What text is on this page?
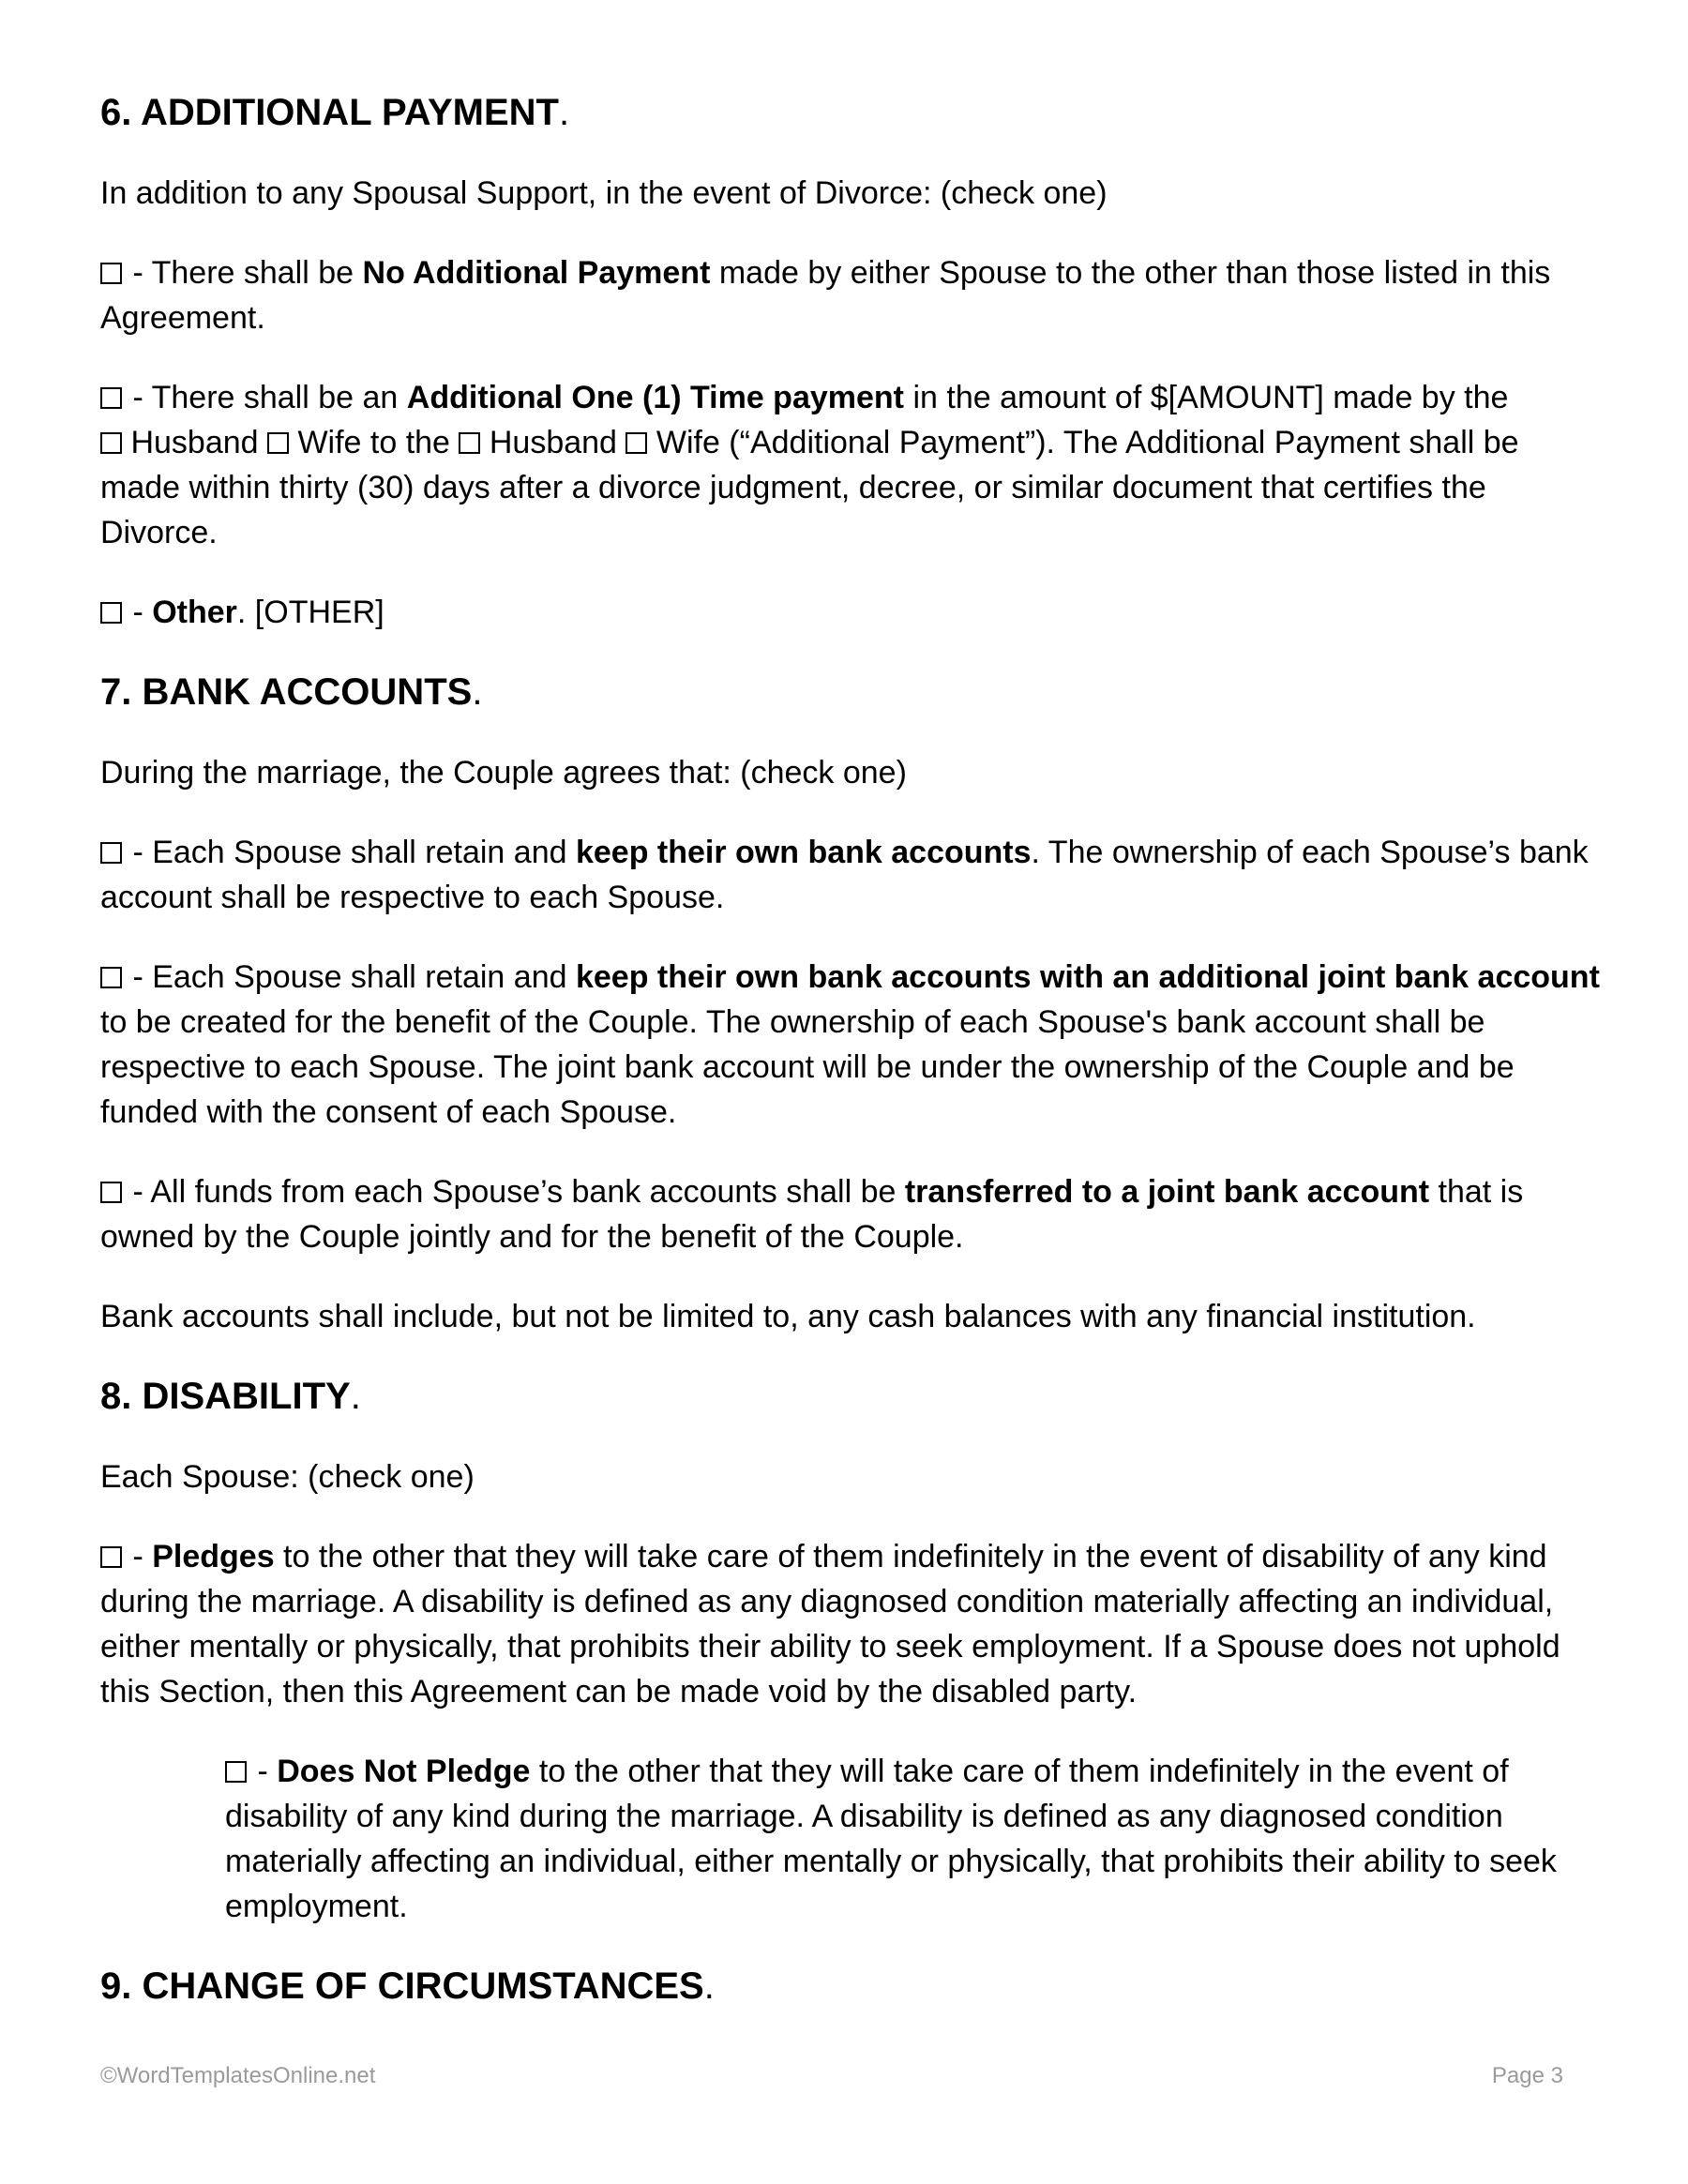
6. ADDITIONAL PAYMENT.

In addition to any Spousal Support, in the event of Divorce: (check one)

- There shall be No Additional Payment made by either Spouse to the other than those listed in this Agreement.

- There shall be an Additional One (1) Time payment in the amount of $[AMOUNT] made by the
Husband  Wife to the  Husband  Wife (“Additional Payment”). The Additional Payment shall be made within thirty (30) days after a divorce judgment, decree, or similar document that certifies the Divorce.

- Other. [OTHER]

7. BANK ACCOUNTS.

During the marriage, the Couple agrees that: (check one)

- Each Spouse shall retain and keep their own bank accounts. The ownership of each Spouse’s bank account shall be respective to each Spouse.

- Each Spouse shall retain and keep their own bank accounts with an additional joint bank account to be created for the benefit of the Couple. The ownership of each Spouse's bank account shall be respective to each Spouse. The joint bank account will be under the ownership of the Couple and be funded with the consent of each Spouse.

- All funds from each Spouse’s bank accounts shall be transferred to a joint bank account that is owned by the Couple jointly and for the benefit of the Couple.

Bank accounts shall include, but not be limited to, any cash balances with any financial institution.

8. DISABILITY.

Each Spouse: (check one)

- Pledges to the other that they will take care of them indefinitely in the event of disability of any kind during the marriage. A disability is defined as any diagnosed condition materially affecting an individual, either mentally or physically, that prohibits their ability to seek employment. If a Spouse does not uphold this Section, then this Agreement can be made void by the disabled party.

- Does Not Pledge to the other that they will take care of them indefinitely in the event of disability of any kind during the marriage. A disability is defined as any diagnosed condition materially affecting an individual, either mentally or physically, that prohibits their ability to seek employment.

9. CHANGE OF CIRCUMSTANCES.
©WordTemplatesOnline.net	Page 3
